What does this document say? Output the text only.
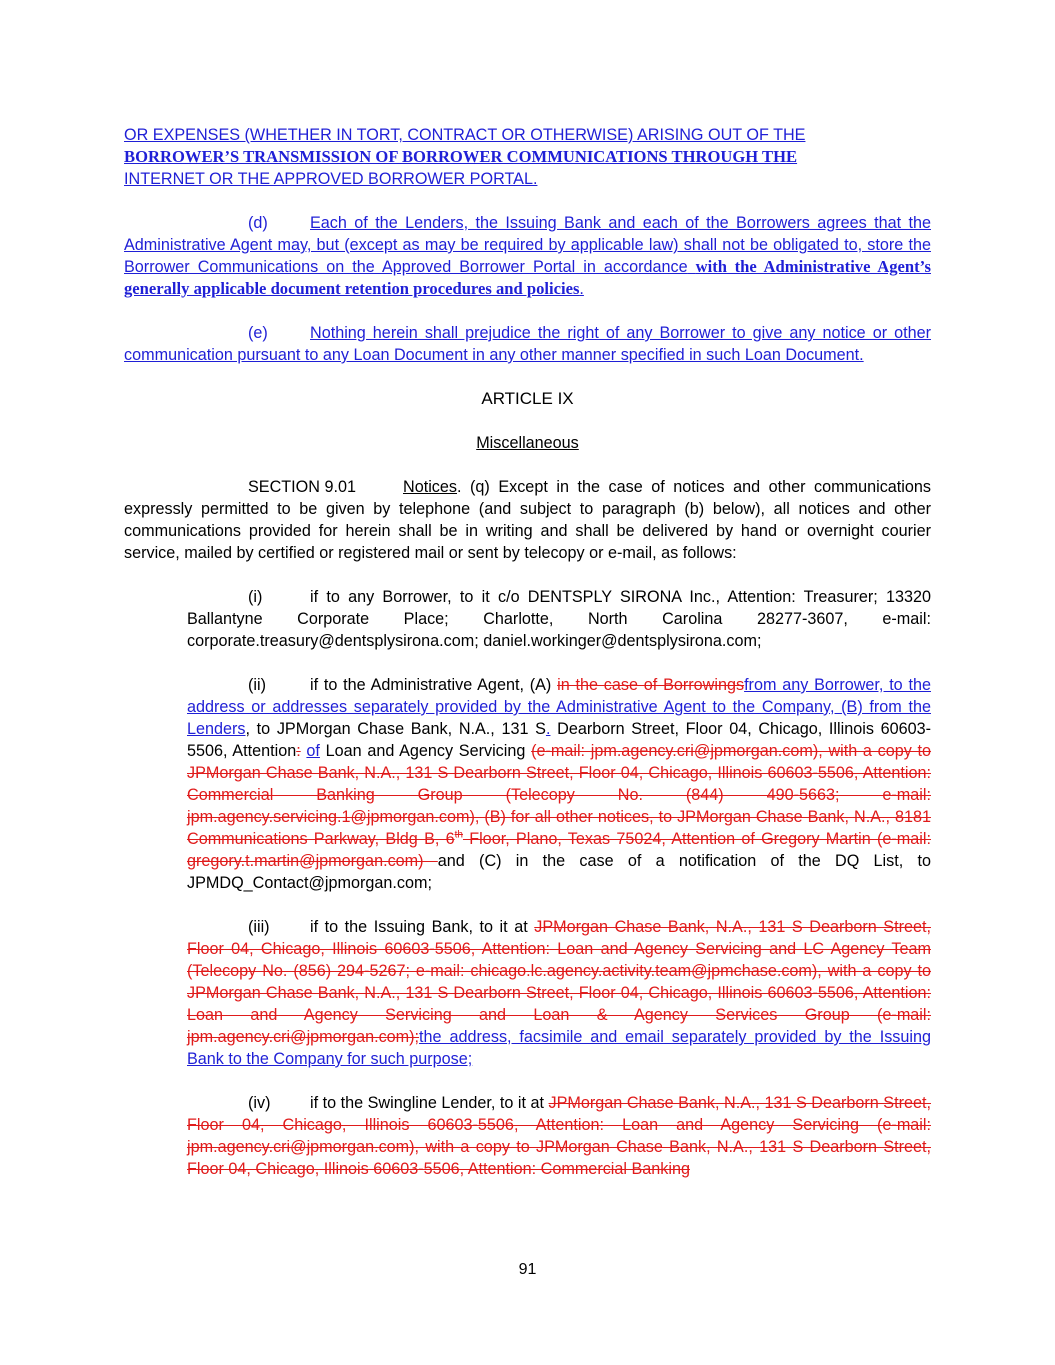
OR EXPENSES (WHETHER IN TORT, CONTRACT OR OTHERWISE) ARISING OUT OF THE
BORROWER’S TRANSMISSION OF BORROWER COMMUNICATIONS THROUGH THE
INTERNET OR THE APPROVED BORROWER PORTAL.

(d)	Each of the Lenders, the Issuing Bank and each of the Borrowers agrees that the Administrative Agent may, but (except as may be required by applicable law) shall not be obligated to, store the Borrower Communications on the Approved Borrower Portal in accordance with the Administrative Agent’s generally applicable document retention procedures and policies.

(e)	Nothing herein shall prejudice the right of any Borrower to give any notice or other communication pursuant to any Loan Document in any other manner specified in such Loan Document.

ARTICLE IX

Miscellaneous

SECTION 9.01	Notices. (q) Except in the case of notices and other communications expressly permitted to be given by telephone (and subject to paragraph (b) below), all notices and other communications provided for herein shall be in writing and shall be delivered by hand or overnight courier service, mailed by certified or registered mail or sent by telecopy or e-mail, as follows:

(i)	if to any Borrower, to it c/o DENTSPLY SIRONA Inc., Attention: Treasurer; 13320 Ballantyne Corporate Place; Charlotte, North Carolina 28277-3607, e-mail: corporate.treasury@dentsplysirona.com; daniel.workinger@dentsplysirona.com;

(ii)	if to the Administrative Agent, (A) in the case of Borrowingsfrom any Borrower, to the address or addresses separately provided by the Administrative Agent to the Company, (B) from the Lenders, to JPMorgan Chase Bank, N.A., 131 S. Dearborn Street, Floor 04, Chicago, Illinois 60603-5506, Attention: of Loan and Agency Servicing (e-mail: jpm.agency.cri@jpmorgan.com), with a copy to JPMorgan Chase Bank, N.A., 131 S Dearborn Street, Floor 04, Chicago, Illinois 60603-5506, Attention: Commercial Banking Group (Telecopy No. (844) 490-5663; e-mail: jpm.agency.servicing.1@jpmorgan.com), (B) for all other notices, to JPMorgan Chase Bank, N.A., 8181 Communications Parkway, Bldg B, 6th Floor, Plano, Texas 75024, Attention of Gregory Martin (e-mail: gregory.t.martin@jpmorgan.com) and (C) in the case of a notification of the DQ List, to JPMDQ_Contact@jpmorgan.com;

(iii) if to the Issuing Bank, to it at JPMorgan Chase Bank, N.A., 131 S Dearborn Street, Floor 04, Chicago, Illinois 60603-5506, Attention: Loan and Agency Servicing and LC Agency Team (Telecopy No. (856) 294-5267; e-mail: chicago.lc.agency.activity.team@jpmchase.com), with a copy to JPMorgan Chase Bank, N.A., 131 S Dearborn Street, Floor 04, Chicago, Illinois 60603-5506, Attention: Loan and Agency Servicing and Loan & Agency Services Group (e-mail: jpm.agency.cri@jpmorgan.com);the address, facsimile and email separately provided by the Issuing Bank to the Company for such purpose;

(iv) if to the Swingline Lender, to it at JPMorgan Chase Bank, N.A., 131 S Dearborn Street, Floor 04, Chicago, Illinois 60603-5506, Attention: Loan and Agency Servicing (e-mail: jpm.agency.cri@jpmorgan.com), with a copy to JPMorgan Chase Bank, N.A., 131 S Dearborn Street, Floor 04, Chicago, Illinois 60603-5506, Attention: Commercial Banking

91
